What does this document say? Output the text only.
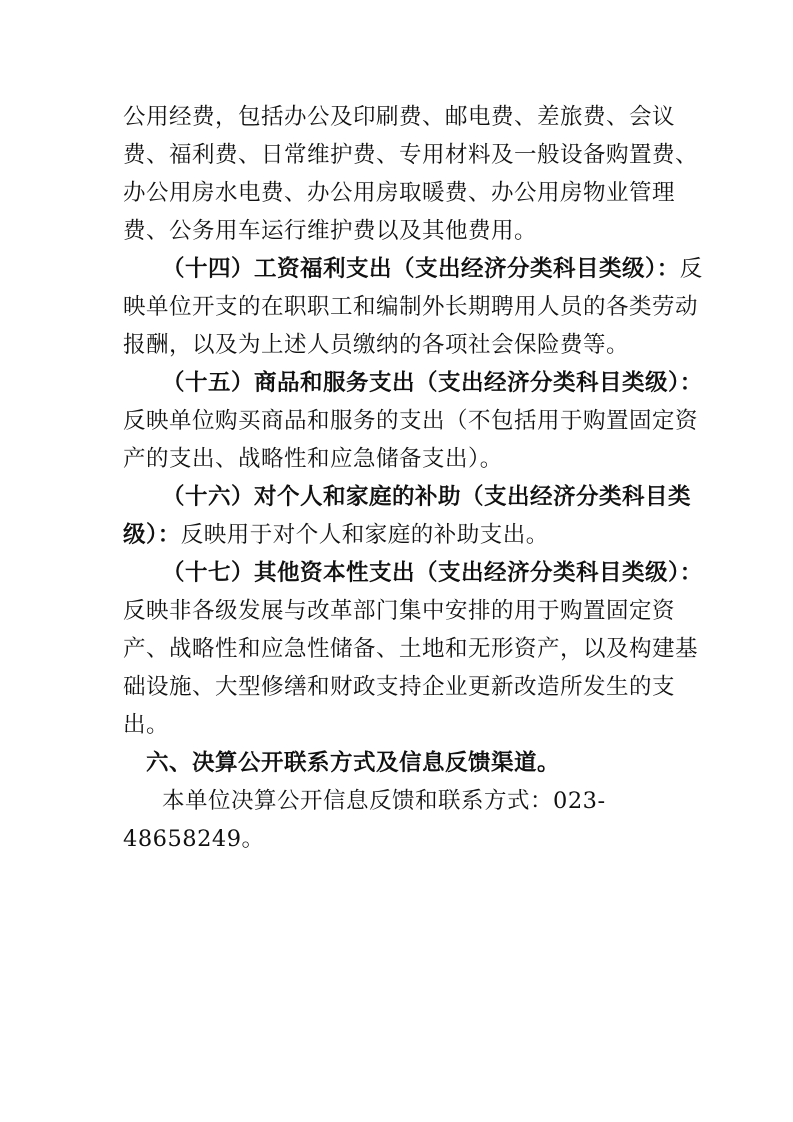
公用经费，包括办公及印刷费、邮电费、差旅费、会议
费、福利费、日常维护费、专用材料及一般设备购置费、
办公用房水电费、办公用房取暖费、办公用房物业管理
费、公务用车运行维护费以及其他费用。
（十四）工资福利支出（支出经济分类科目类级）：反
映单位开支的在职职工和编制外长期聘用人员的各类劳动
报酬，以及为上述人员缴纳的各项社会保险费等。
（十五）商品和服务支出（支出经济分类科目类级）：
反映单位购买商品和服务的支出（不包括用于购置固定资
产的支出、战略性和应急储备支出）。
（十六）对个人和家庭的补助（支出经济分类科目类
级）：反映用于对个人和家庭的补助支出。
（十七）其他资本性支出（支出经济分类科目类级）：
反映非各级发展与改革部门集中安排的用于购置固定资
产、战略性和应急性储备、土地和无形资产，以及构建基
础设施、大型修缮和财政支持企业更新改造所发生的支
出。
六、决算公开联系方式及信息反馈渠道。
本单位决算公开信息反馈和联系方式：023-
48658249。
